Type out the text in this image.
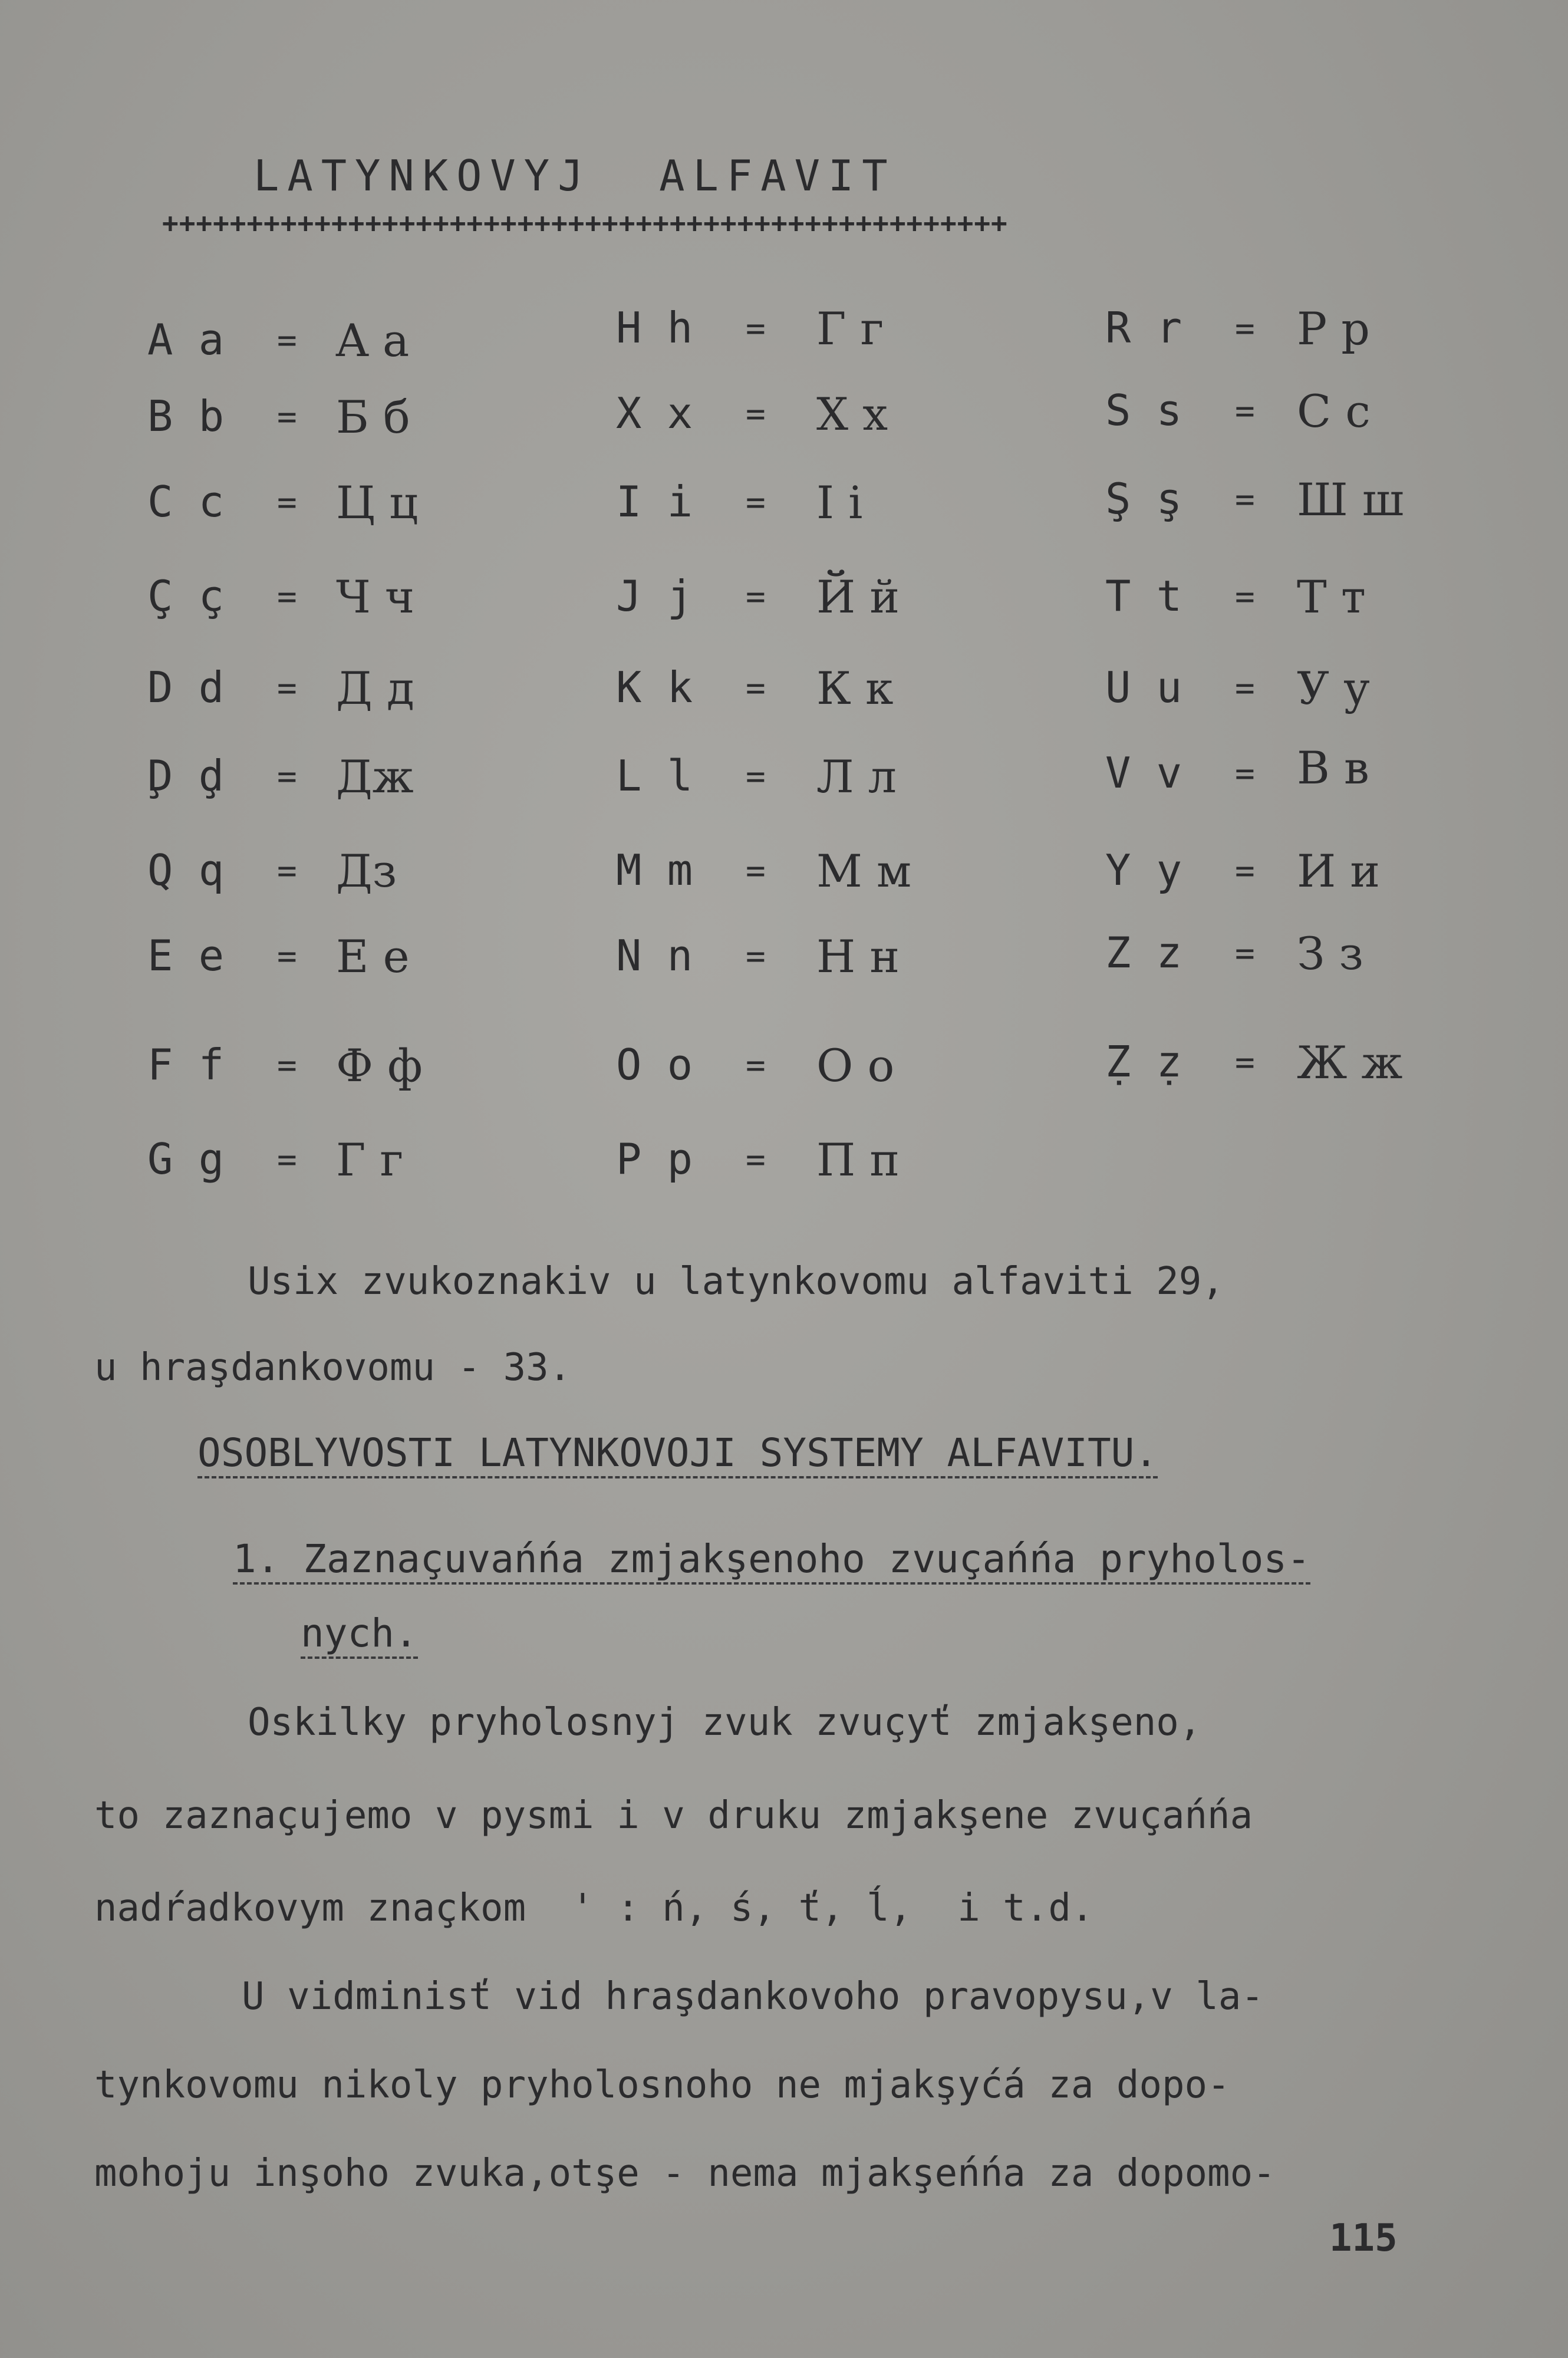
LATYNKOVYJ  ALFAVIT
++++++++++++++++++++++++++++++++++++++++++++++++++
A a = A a
B b = Б б
C c = Ц ц
Ç ç = Ч ч
D d = Д д
Ḑ ḑ = Дж
Q q = Дз
E e = E e
F f = Ф ф
G g = Г г
H h = Г г
X x = X x
I i = I i
J j = Й й
K k = К к
L l = Л л
M m = М м
N n = Н н
O o = O o
P p = П п
R r = Р р
S s = С с
Ş ş = Ш ш
T t = Т т
U u = У у
V v = В в
Y y = И и
Z z = З з
Ẓ ẓ = Ж ж
Usix zvukoznakiv u latynkovomu alfaviti 29,
u hraşdankovomu - 33.
OSOBLYVOSTI LATYNKOVOJI SYSTEMY ALFAVITU.
1. Zaznaçuvańńa zmjakşenoho zvuçańńa pryholos-
nych.
Oskilky pryholosnyj zvuk zvuçyť zmjakşeno,
to zaznaçujemo v pysmi i v druku zmjakşene zvuçańńa
nadŕadkovym znaçkom  ' : ń, ś, ť, ĺ,  i t.d.
U vidminisť vid hraşdankovoho pravopysu,v la-
tynkovomu nikoly pryholosnoho ne mjakşyćá za dopo-
mohoju inşoho zvuka,otşe - nema mjakşeńńa za dopomo-
115
